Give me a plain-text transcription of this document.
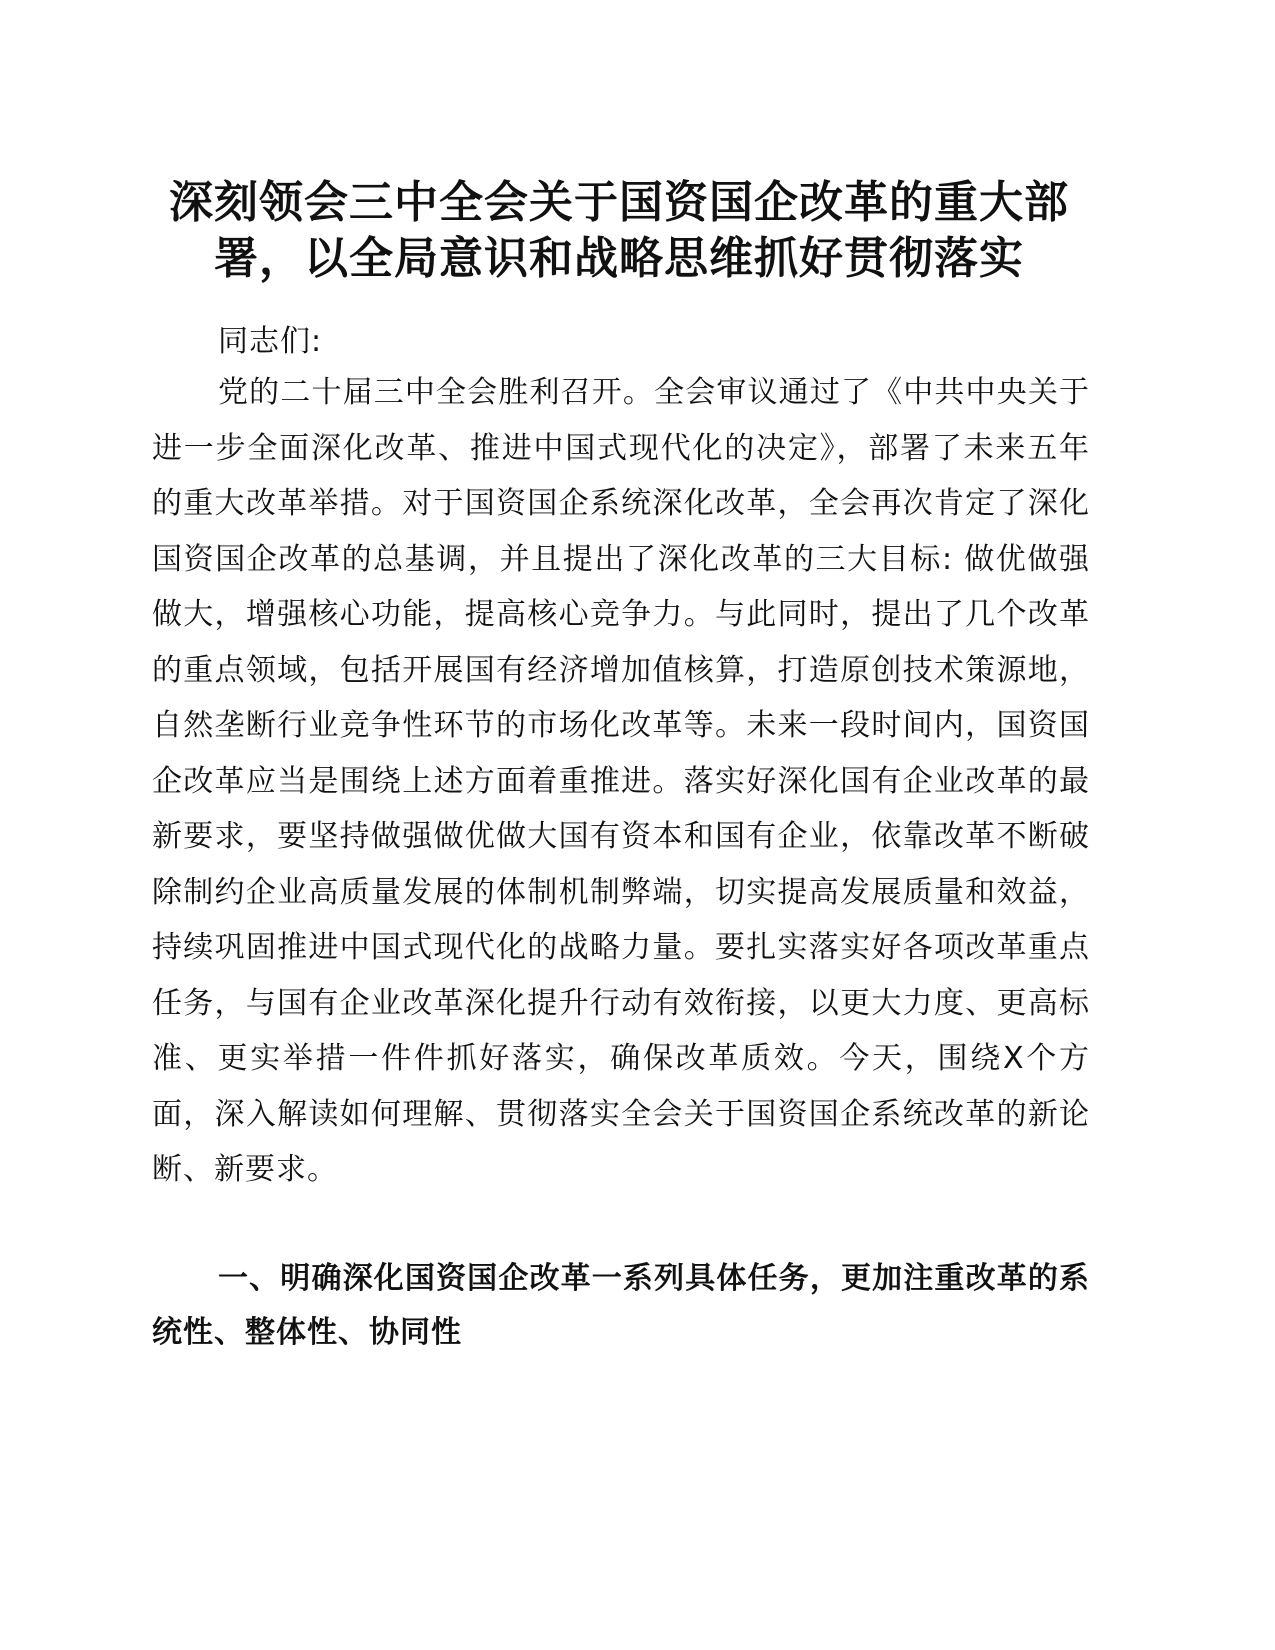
深刻领会三中全会关于国资国企改革的重大部署，以全局意识和战略思维抓好贯彻落实

同志们:

党的二十届三中全会胜利召开。全会审议通过了《中共中央关于进一步全面深化改革、推进中国式现代化的决定》，部署了未来五年的重大改革举措。对于国资国企系统深化改革，全会再次肯定了深化国资国企改革的总基调，并且提出了深化改革的三大目标: 做优做强做大，增强核心功能，提高核心竞争力。与此同时，提出了几个改革的重点领域，包括开展国有经济增加值核算，打造原创技术策源地，自然垄断行业竞争性环节的市场化改革等。未来一段时间内，国资国企改革应当是围绕上述方面着重推进。落实好深化国有企业改革的最新要求，要坚持做强做优做大国有资本和国有企业，依靠改革不断破除制约企业高质量发展的体制机制弊端，切实提高发展质量和效益，持续巩固推进中国式现代化的战略力量。要扎实落实好各项改革重点任务，与国有企业改革深化提升行动有效衔接，以更大力度、更高标准、更实举措一件件抓好落实，确保改革质效。今天，围绕X个方面，深入解读如何理解、贯彻落实全会关于国资国企系统改革的新论断、新要求。

一、明确深化国资国企改革一系列具体任务，更加注重改革的系统性、整体性、协同性
